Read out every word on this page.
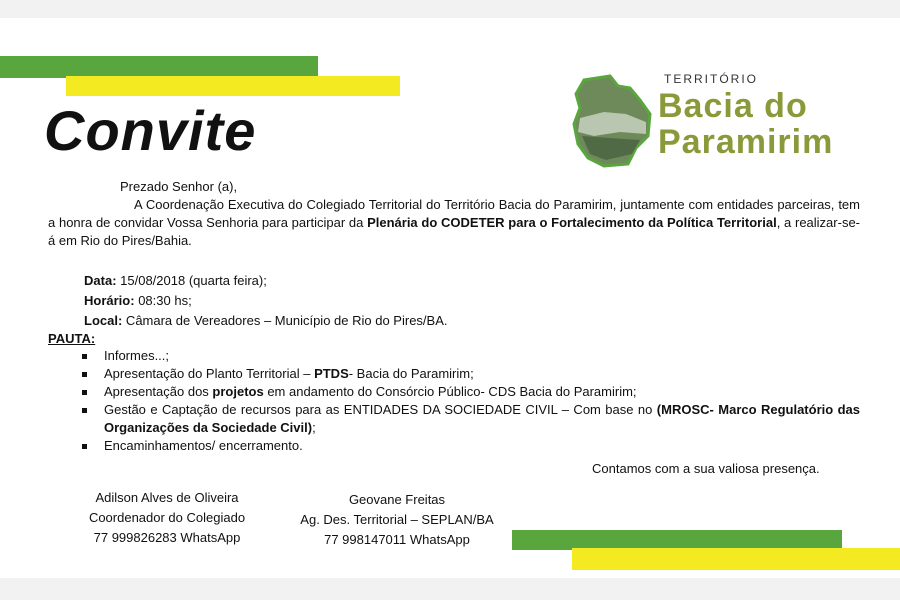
Convite
TERRITÓRIO
Bacia do
Paramirim
Prezado Senhor (a),
A Coordenação Executiva do Colegiado Territorial do Território Bacia do Paramirim, juntamente com entidades parceiras, tem a honra de convidar Vossa Senhoria para participar da Plenária do CODETER para o Fortalecimento da Política Territorial, a realizar-se-á em Rio do Pires/Bahia.
Data: 15/08/2018 (quarta feira);
Horário: 08:30 hs;
Local: Câmara de Vereadores – Município de Rio do Pires/BA.
PAUTA:
Informes...;
Apresentação do Planto Territorial – PTDS- Bacia do Paramirim;
Apresentação dos projetos em andamento do Consórcio Público- CDS Bacia do Paramirim;
Gestão e Captação de recursos para as ENTIDADES DA SOCIEDADE CIVIL – Com base no (MROSC- Marco Regulatório das Organizações da Sociedade Civil);
Encaminhamentos/ encerramento.
Contamos com a sua valiosa presença.
Adilson Alves de Oliveira
Coordenador do Colegiado
77 999826283 WhatsApp
Geovane Freitas
Ag. Des. Territorial – SEPLAN/BA
77 998147011 WhatsApp
